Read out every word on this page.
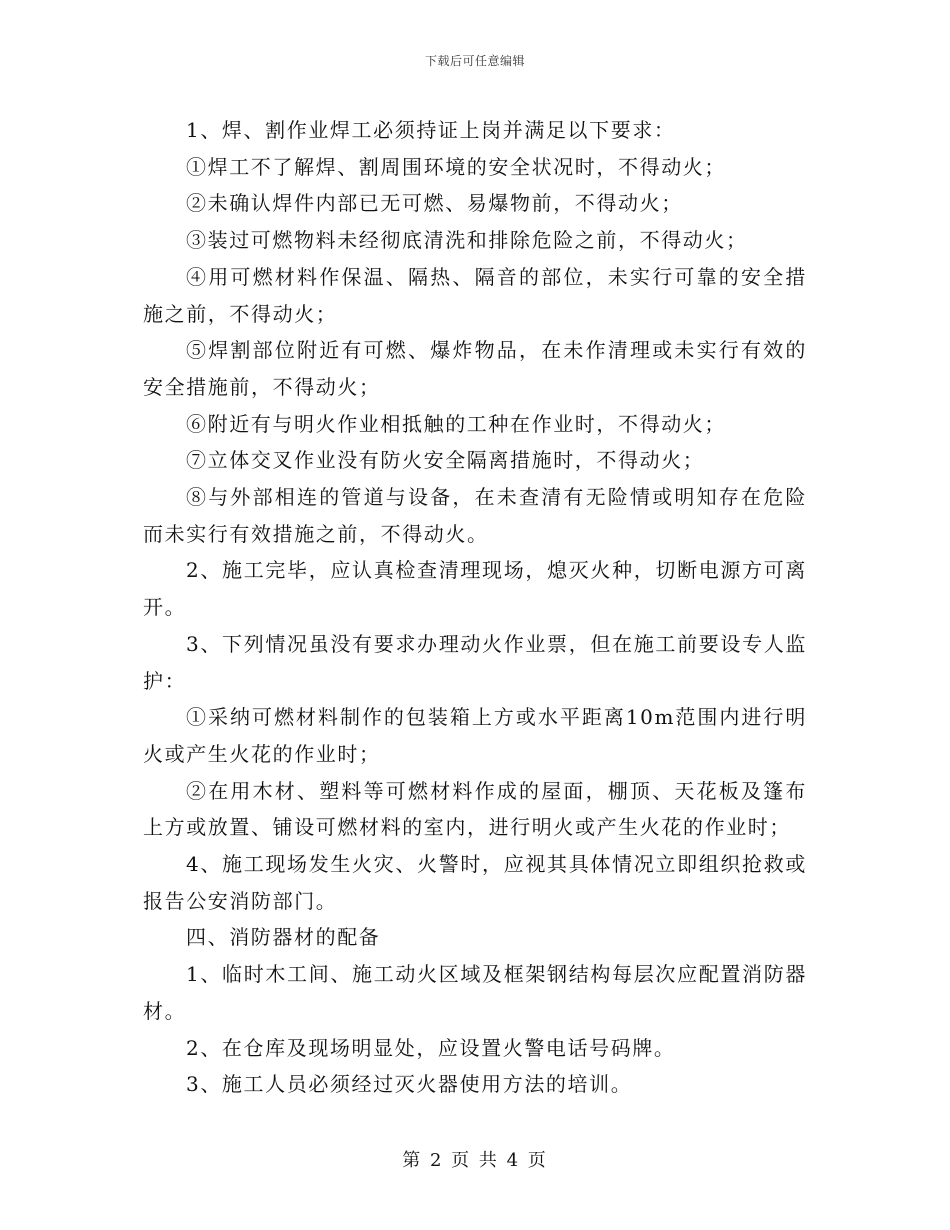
下载后可任意编辑

1、焊、割作业焊工必须持证上岗并满足以下要求：

①焊工不了解焊、割周围环境的安全状况时，不得动火；

②未确认焊件内部已无可燃、易爆物前，不得动火；

③装过可燃物料未经彻底清洗和排除危险之前，不得动火；

④用可燃材料作保温、隔热、隔音的部位，未实行可靠的安全措施之前，不得动火；

⑤焊割部位附近有可燃、爆炸物品，在未作清理或未实行有效的安全措施前，不得动火；

⑥附近有与明火作业相抵触的工种在作业时，不得动火；

⑦立体交叉作业没有防火安全隔离措施时，不得动火；

⑧与外部相连的管道与设备，在未查清有无险情或明知存在危险而未实行有效措施之前，不得动火。

2、施工完毕，应认真检查清理现场，熄灭火种，切断电源方可离开。

3、下列情况虽没有要求办理动火作业票，但在施工前要设专人监护：

①采纳可燃材料制作的包装箱上方或水平距离10m范围内进行明火或产生火花的作业时；

②在用木材、塑料等可燃材料作成的屋面，棚顶、天花板及篷布上方或放置、铺设可燃材料的室内，进行明火或产生火花的作业时；

4、施工现场发生火灾、火警时，应视其具体情况立即组织抢救或报告公安消防部门。

四、消防器材的配备

1、临时木工间、施工动火区域及框架钢结构每层次应配置消防器材。

2、在仓库及现场明显处，应设置火警电话号码牌。

3、施工人员必须经过灭火器使用方法的培训。

第 2 页 共 4 页
